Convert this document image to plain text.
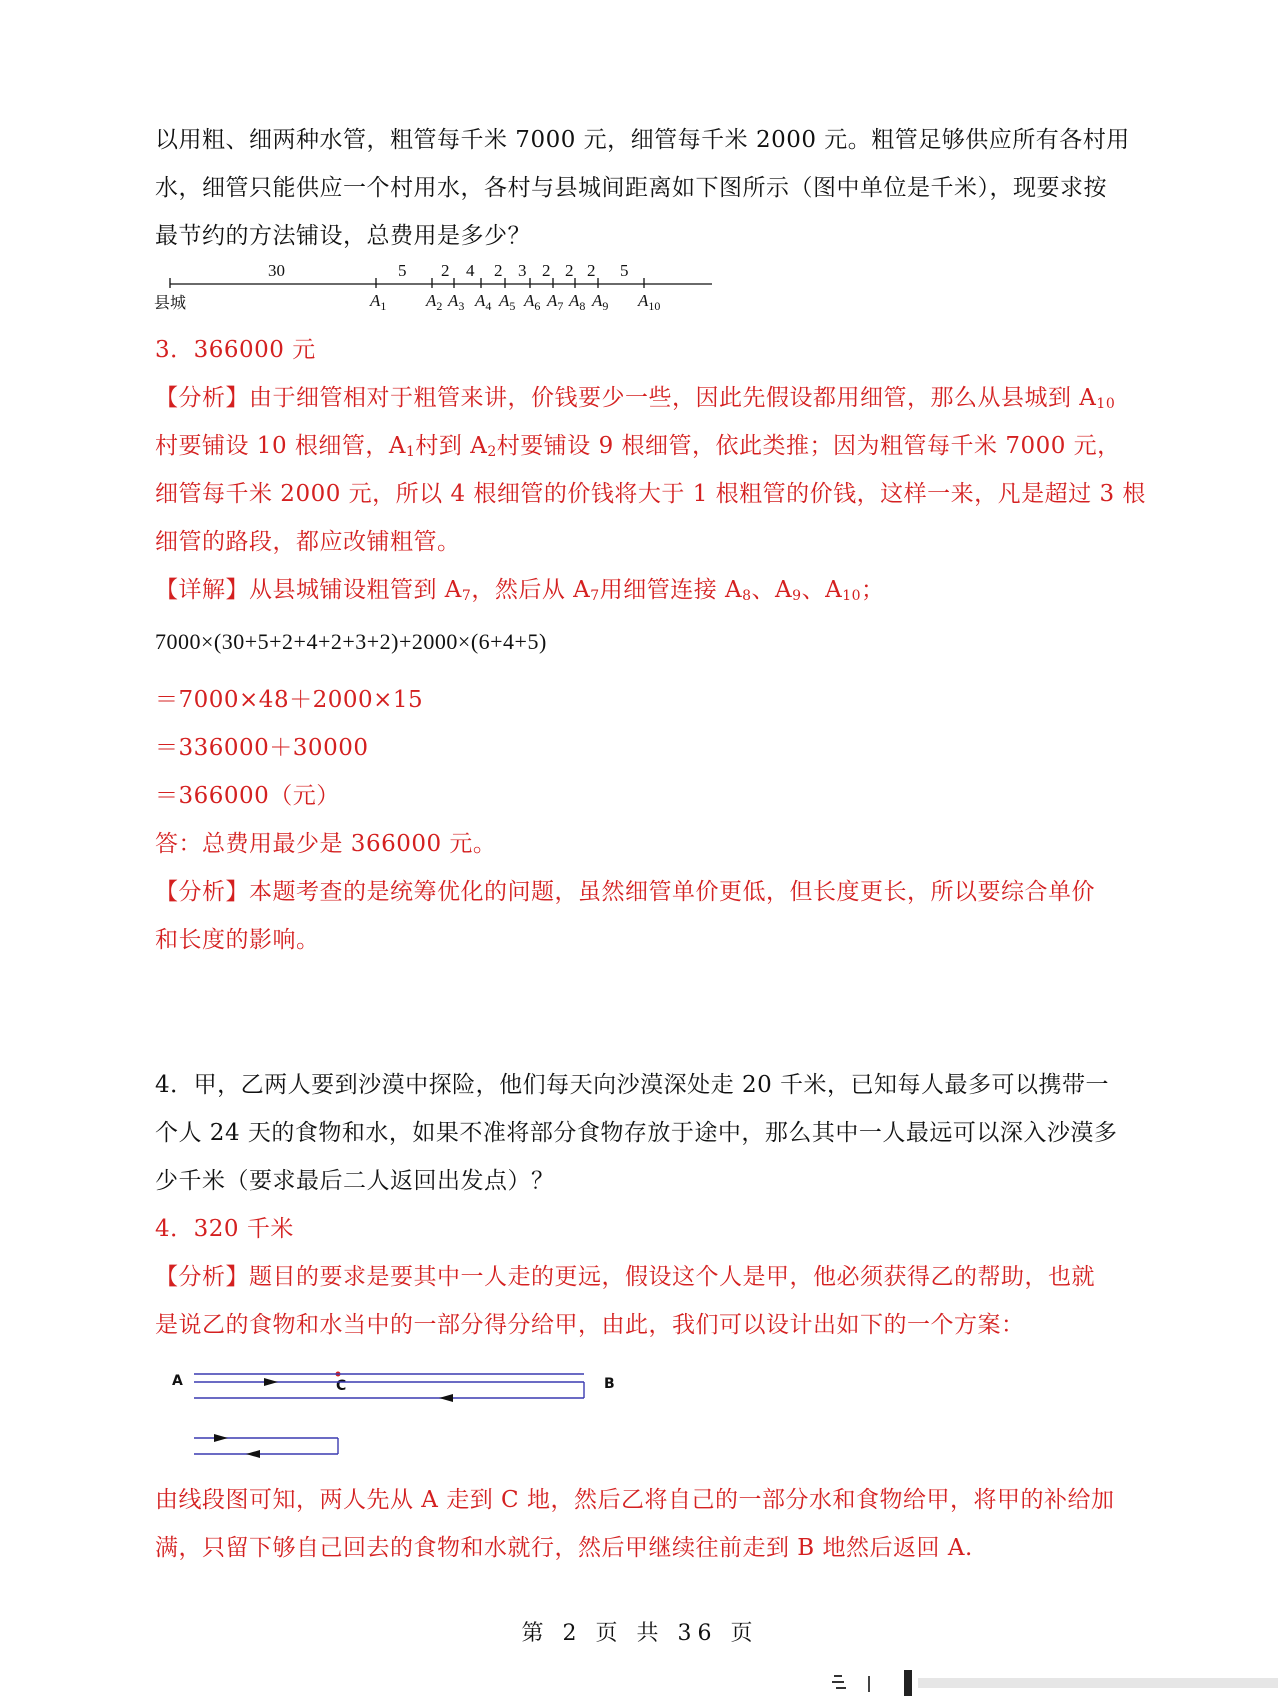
以用粗、细两种水管，粗管每千米 7000 元，细管每千米 2000 元。粗管足够供应所有各村用
水，细管只能供应一个村用水，各村与县城间距离如下图所示（图中单位是千米），现要求按
最节约的方法铺设，总费用是多少？
30	5 2 4 2 3 2 2 2 5
$A_1$ $A_2$ $A_3$ $A_4$ $A_5$ $A_6$ $A_7$ $A_8$ $A_9$ $A_{10}$
县城
3．366000 元
【分析】由于细管相对于粗管来讲，价钱要少一些，因此先假设都用细管，那么从县城到 $A_{10}$
村要铺设 10 根细管，$A_1$村到 $A_2$村要铺设 9 根细管，依此类推；因为粗管每千米 7000 元，
细管每千米 2000 元，所以 4 根细管的价钱将大于 1 根粗管的价钱，这样一来，凡是超过 3 根
细管的路段，都应改铺粗管。
【详解】从县城铺设粗管到 $A_7$，然后从 $A_7$用细管连接 $A_8$、$A_9$、$A_{10}$；
7000×(30+5+2+4+2+3+2)+2000×(6+4+5)
＝7000×48＋2000×15
＝336000＋30000
＝366000（元）
答：总费用最少是 366000 元。
【分析】本题考查的是统筹优化的问题，虽然细管单价更低，但长度更长，所以要综合单价
和长度的影响。
4．甲，乙两人要到沙漠中探险，他们每天向沙漠深处走 20 千米，已知每人最多可以携带一
个人 24 天的食物和水，如果不准将部分食物存放于途中，那么其中一人最远可以深入沙漠多
少千米（要求最后二人返回出发点）？
4．320 千米
【分析】题目的要求是要其中一人走的更远，假设这个人是甲，他必须获得乙的帮助，也就
是说乙的食物和水当中的一部分得分给甲，由此，我们可以设计出如下的一个方案：
A	B
C
由线段图可知，两人先从 A 走到 C 地，然后乙将自己的一部分水和食物给甲，将甲的补给加
满，只留下够自己回去的食物和水就行，然后甲继续往前走到 B 地然后返回 A.
第 2 页 共 36 页
